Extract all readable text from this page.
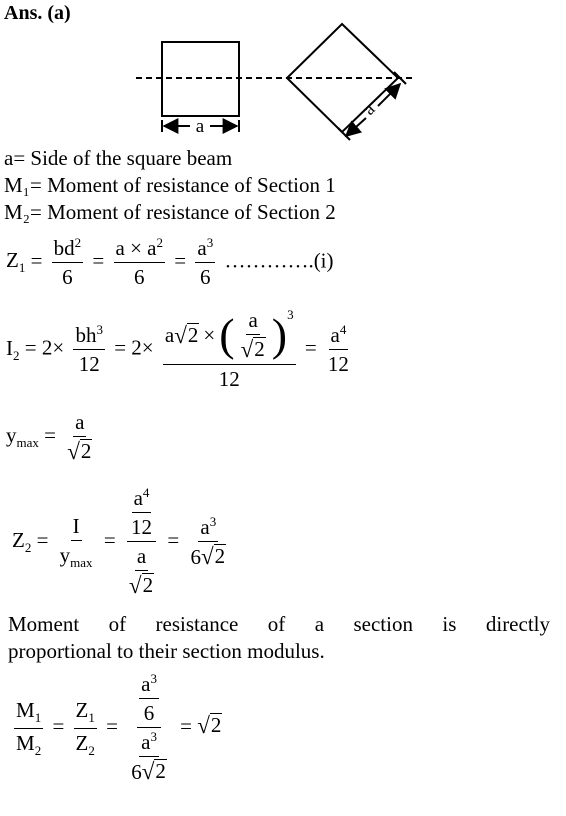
Ans. (a)
a
a
a= Side of the square beam
M₁= Moment of resistance of Section 1
M₂= Moment of resistance of Section 2
$Z_1 = \frac{bd^2}{6} = \frac{a \times a^2}{6} = \frac{a^3}{6}$ ………….(i)
$I_2 = 2\times \frac{bh^3}{12} = 2\times$
a √ 2 × ( $\frac{a}{√ 2} )^3$
12
= $\frac{a^4}{12}$
$y_{max} = \frac{a}{√ 2}$
$Z_2 = \frac{I}{y_{max}} = \frac{\frac{a^4}{12}}{\frac{a}{√ 2}} = \frac{a^3}{6 √ 2}$
Moment of resistance of a section is directly
proportional to their section modulus.
$\frac{M_1}{M_2} = \frac{Z_1}{Z_2} = \frac{\frac{a^3}{6}}{\frac{a^3}{6 √ 2}}$ = √ 2
